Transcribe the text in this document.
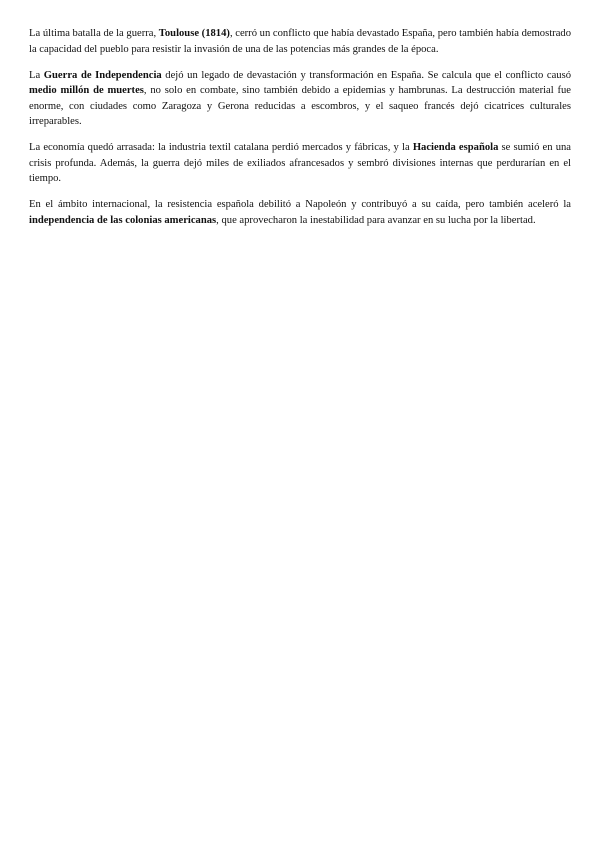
La última batalla de la guerra, Toulouse (1814), cerró un conflicto que había devastado España, pero también había demostrado la capacidad del pueblo para resistir la invasión de una de las potencias más grandes de la época.

La Guerra de Independencia dejó un legado de devastación y transformación en España. Se calcula que el conflicto causó medio millón de muertes, no solo en combate, sino también debido a epidemias y hambrunas. La destrucción material fue enorme, con ciudades como Zaragoza y Gerona reducidas a escombros, y el saqueo francés dejó cicatrices culturales irreparables.

La economía quedó arrasada: la industria textil catalana perdió mercados y fábricas, y la Hacienda española se sumió en una crisis profunda. Además, la guerra dejó miles de exiliados afrancesados y sembró divisiones internas que perdurarían en el tiempo.

En el ámbito internacional, la resistencia española debilitó a Napoleón y contribuyó a su caída, pero también aceleró la independencia de las colonias americanas, que aprovecharon la inestabilidad para avanzar en su lucha por la libertad.
